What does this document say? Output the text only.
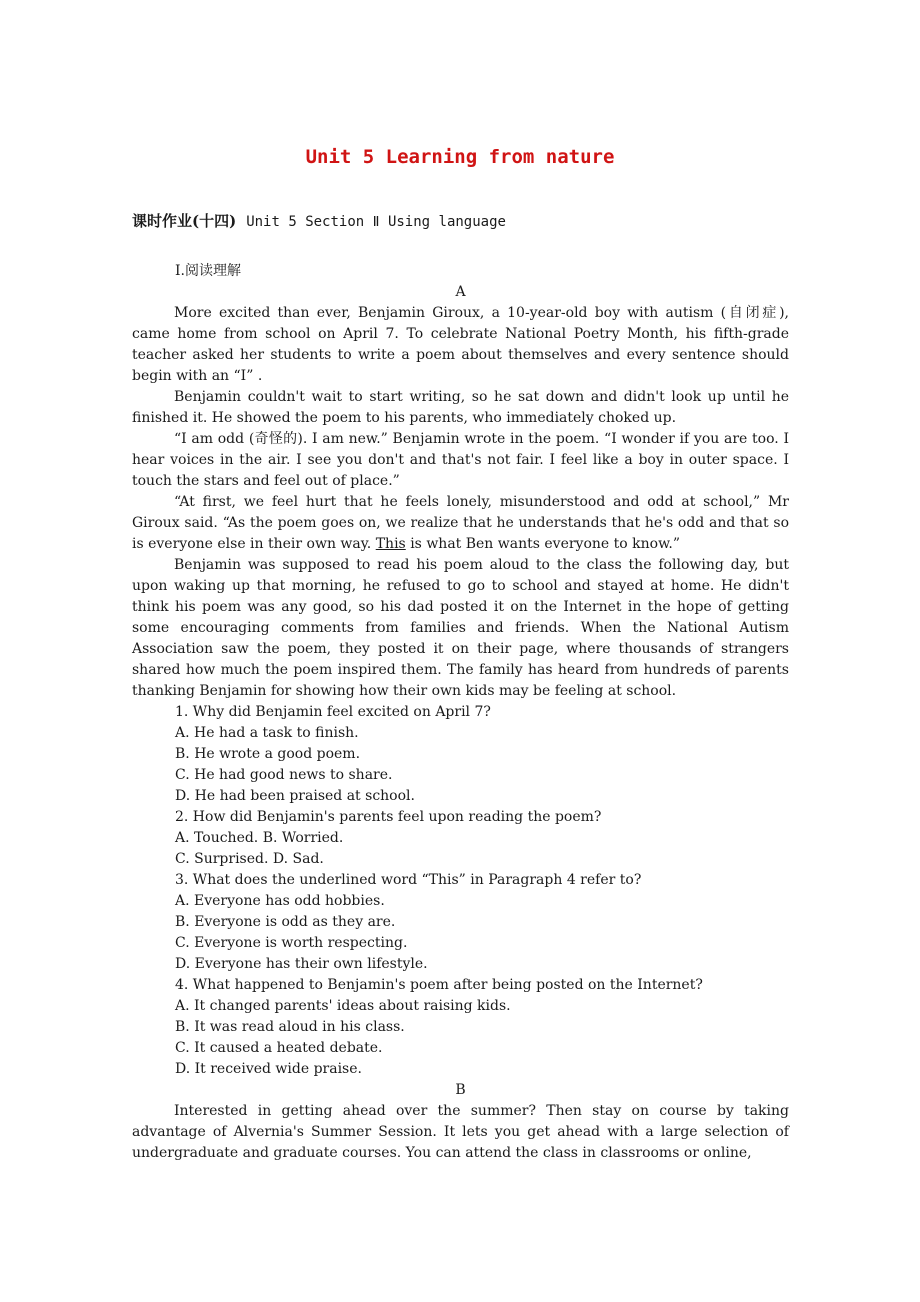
Unit 5 Learning from nature
课时作业(十四) Unit 5 Section Ⅱ Using language

Ⅰ.阅读理解

A

More excited than ever, Benjamin Giroux, a 10-year-old boy with autism (自闭症), came home from school on April 7. To celebrate National Poetry Month, his fifth-grade teacher asked her students to write a poem about themselves and every sentence should begin with an “I” .

Benjamin couldn't wait to start writing, so he sat down and didn't look up until he finished it. He showed the poem to his parents, who immediately choked up.

“I am odd (奇怪的). I am new.” Benjamin wrote in the poem. “I wonder if you are too. I hear voices in the air. I see you don't and that's not fair. I feel like a boy in outer space. I touch the stars and feel out of place.”

“At first, we feel hurt that he feels lonely, misunderstood and odd at school,” Mr Giroux said. “As the poem goes on, we realize that he understands that he's odd and that so is everyone else in their own way. This is what Ben wants everyone to know.”

Benjamin was supposed to read his poem aloud to the class the following day, but upon waking up that morning, he refused to go to school and stayed at home. He didn't think his poem was any good, so his dad posted it on the Internet in the hope of getting some encouraging comments from families and friends. When the National Autism Association saw the poem, they posted it on their page, where thousands of strangers shared how much the poem inspired them. The family has heard from hundreds of parents thanking Benjamin for showing how their own kids may be feeling at school.

1. Why did Benjamin feel excited on April 7?

A. He had a task to finish.

B. He wrote a good poem.

C. He had good news to share.

D. He had been praised at school.

2. How did Benjamin's parents feel upon reading the poem?

A. Touched. B. Worried.

C. Surprised. D. Sad.

3. What does the underlined word “This” in Paragraph 4 refer to?

A. Everyone has odd hobbies.

B. Everyone is odd as they are.

C. Everyone is worth respecting.

D. Everyone has their own lifestyle.

4. What happened to Benjamin's poem after being posted on the Internet?

A. It changed parents' ideas about raising kids.

B. It was read aloud in his class.

C. It caused a heated debate.

D. It received wide praise.

B

Interested in getting ahead over the summer? Then stay on course by taking advantage of Alvernia's Summer Session. It lets you get ahead with a large selection of undergraduate and graduate courses. You can attend the class in classrooms or online,
